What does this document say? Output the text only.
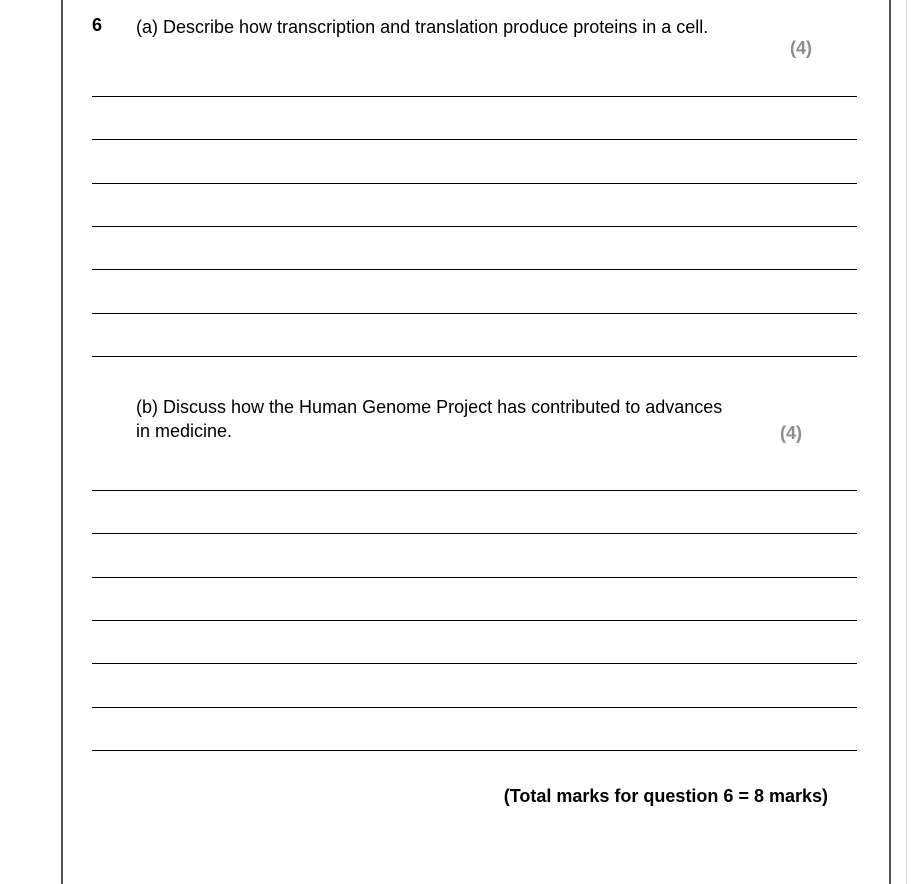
6 (a) Describe how transcription and translation produce proteins in a cell.
(4)
(b) Discuss how the Human Genome Project has contributed to advances in medicine.	(4)
(Total marks for question 6 = 8 marks)
